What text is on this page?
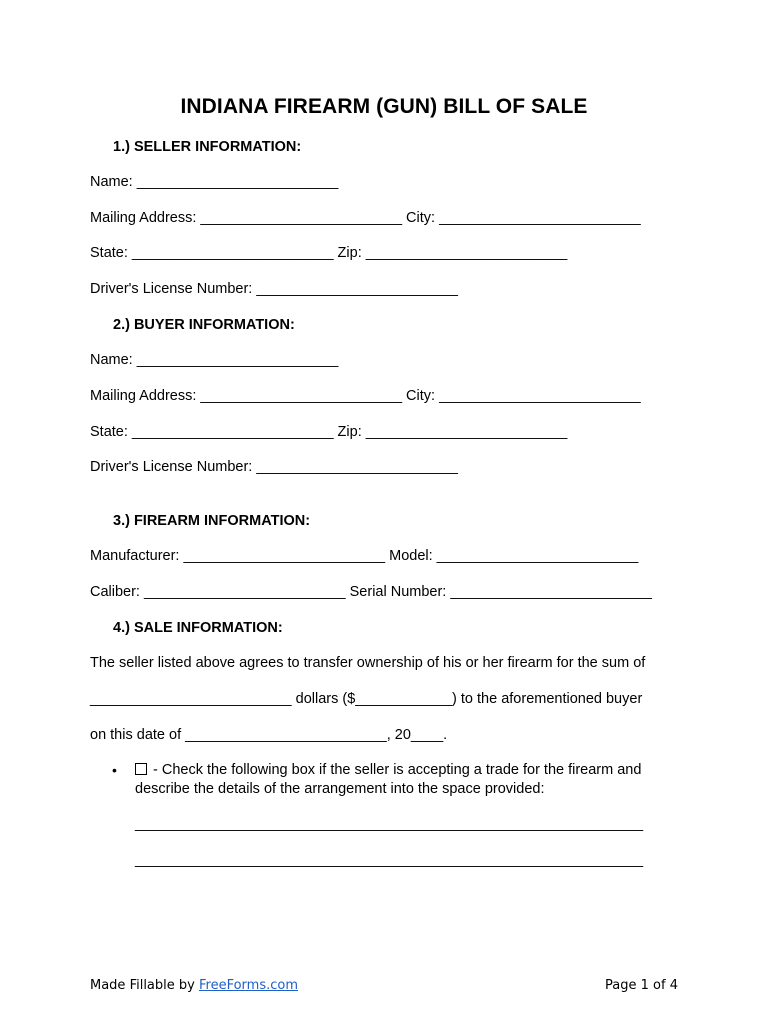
INDIANA FIREARM (GUN) BILL OF SALE
1.) SELLER INFORMATION:
Name: _________________________
Mailing Address: _________________________ City: _________________________
State: _________________________ Zip: _________________________
Driver's License Number: _________________________
2.) BUYER INFORMATION:
Name: _________________________
Mailing Address: _________________________ City: _________________________
State: _________________________ Zip: _________________________
Driver's License Number: _________________________
3.) FIREARM INFORMATION:
Manufacturer: _________________________ Model: _________________________
Caliber: _________________________ Serial Number: _________________________
4.) SALE INFORMATION:
The seller listed above agrees to transfer ownership of his or her firearm for the sum of
_________________________ dollars ($____________) to the aforementioned buyer
on this date of _________________________, 20____.
•	- Check the following box if the seller is accepting a trade for the firearm and
describe the details of the arrangement into the space provided:
_______________________________________________________________
_______________________________________________________________
Made Fillable by FreeForms.com	Page 1 of 4
